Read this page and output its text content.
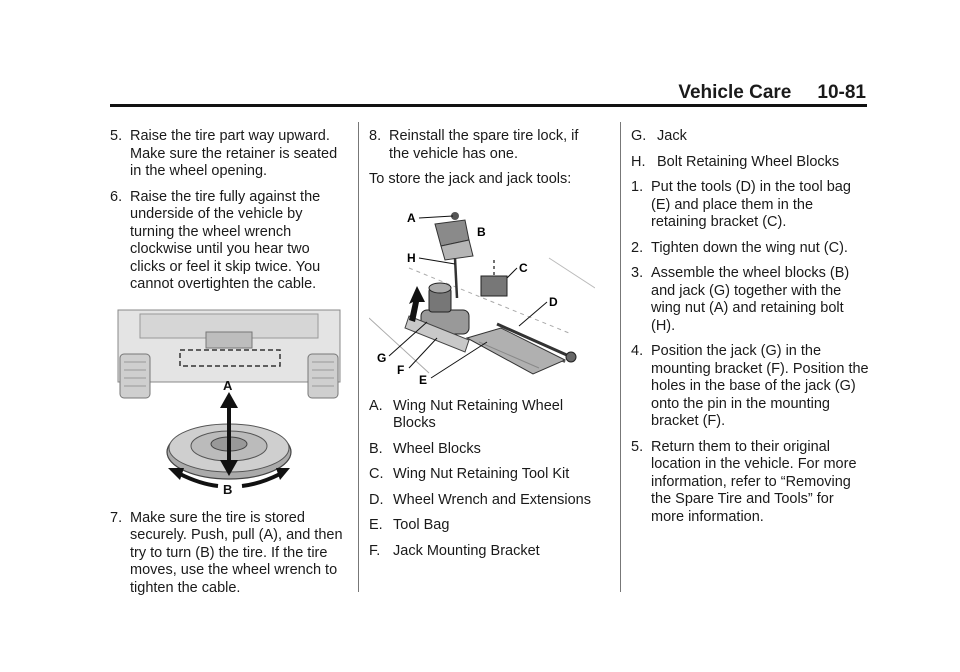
Vehicle Care 10-81
5. Raise the tire part way upward. Make sure the retainer is seated in the wheel opening.
6. Raise the tire fully against the underside of the vehicle by turning the wheel wrench clockwise until you hear two clicks or feel it skip twice. You cannot overtighten the cable.
A
B
7. Make sure the tire is stored securely. Push, pull (A), and then try to turn (B) the tire. If the tire moves, use the wheel wrench to tighten the cable.
8. Reinstall the spare tire lock, if the vehicle has one.
To store the jack and jack tools:
A
B
H
C
D
G
F
E
A. Wing Nut Retaining Wheel Blocks
B. Wheel Blocks
C. Wing Nut Retaining Tool Kit
D. Wheel Wrench and Extensions
E. Tool Bag
F. Jack Mounting Bracket
G. Jack
H. Bolt Retaining Wheel Blocks
1. Put the tools (D) in the tool bag (E) and place them in the retaining bracket (C).
2. Tighten down the wing nut (C).
3. Assemble the wheel blocks (B) and jack (G) together with the wing nut (A) and retaining bolt (H).
4. Position the jack (G) in the mounting bracket (F). Position the holes in the base of the jack (G) onto the pin in the mounting bracket (F).
5. Return them to their original location in the vehicle. For more information, refer to “Removing the Spare Tire and Tools” for more information.
